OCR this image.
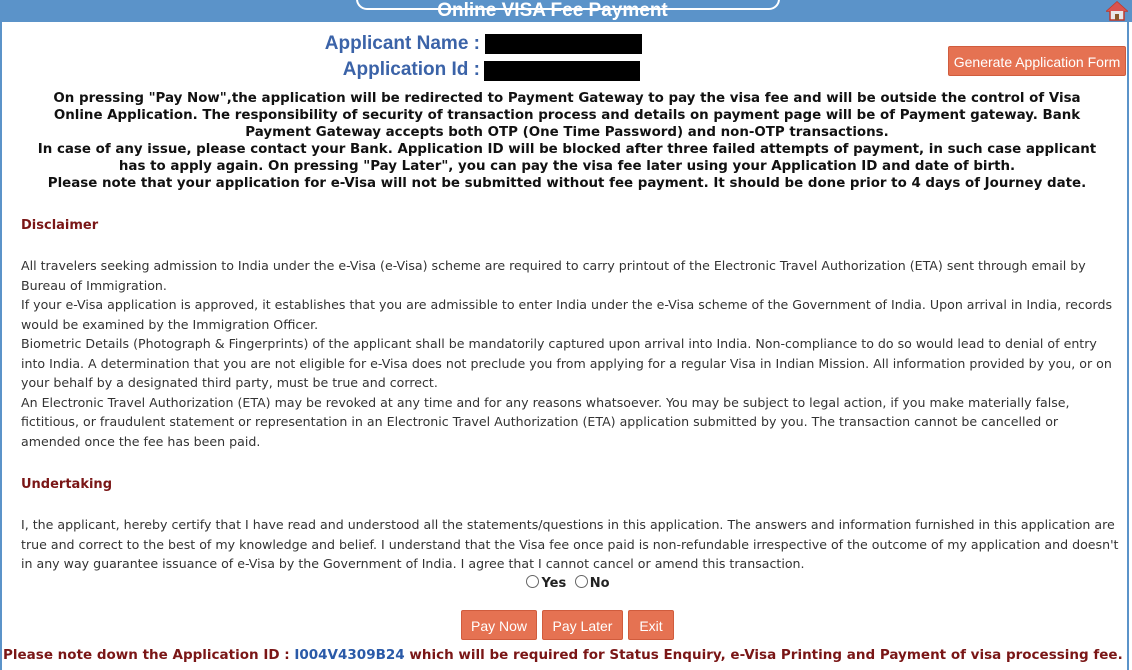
Online VISA Fee Payment
Applicant Name :
Application Id :	Generate Application Form
On pressing "Pay Now",the application will be redirected to Payment Gateway to pay the visa fee and will be outside the control of Visa
Online Application. The responsibility of security of transaction process and details on payment page will be of Payment gateway. Bank
Payment Gateway accepts both OTP (One Time Password) and non-OTP transactions.
In case of any issue, please contact your Bank. Application ID will be blocked after three failed attempts of payment, in such case applicant
has to apply again. On pressing "Pay Later", you can pay the visa fee later using your Application ID and date of birth.
Please note that your application for e-Visa will not be submitted without fee payment. It should be done prior to 4 days of Journey date.
Disclaimer
All travelers seeking admission to India under the e-Visa (e-Visa) scheme are required to carry printout of the Electronic Travel Authorization (ETA) sent through email by Bureau of Immigration.
If your e-Visa application is approved, it establishes that you are admissible to enter India under the e-Visa scheme of the Government of India. Upon arrival in India, records would be examined by the Immigration Officer.
Biometric Details (Photograph & Fingerprints) of the applicant shall be mandatorily captured upon arrival into India. Non-compliance to do so would lead to denial of entry into India. A determination that you are not eligible for e-Visa does not preclude you from applying for a regular Visa in Indian Mission. All information provided by you, or on your behalf by a designated third party, must be true and correct.
An Electronic Travel Authorization (ETA) may be revoked at any time and for any reasons whatsoever. You may be subject to legal action, if you make materially false, fictitious, or fraudulent statement or representation in an Electronic Travel Authorization (ETA) application submitted by you. The transaction cannot be cancelled or amended once the fee has been paid.
Undertaking
I, the applicant, hereby certify that I have read and understood all the statements/questions in this application. The answers and information furnished in this application are true and correct to the best of my knowledge and belief. I understand that the Visa fee once paid is non-refundable irrespective of the outcome of my application and doesn't in any way guarantee issuance of e-Visa by the Government of India. I agree that I cannot cancel or amend this transaction.
Yes No
Pay Now	Pay Later	Exit
Please note down the Application ID : I004V4309B24 which will be required for Status Enquiry, e-Visa Printing and Payment of visa processing fee.
